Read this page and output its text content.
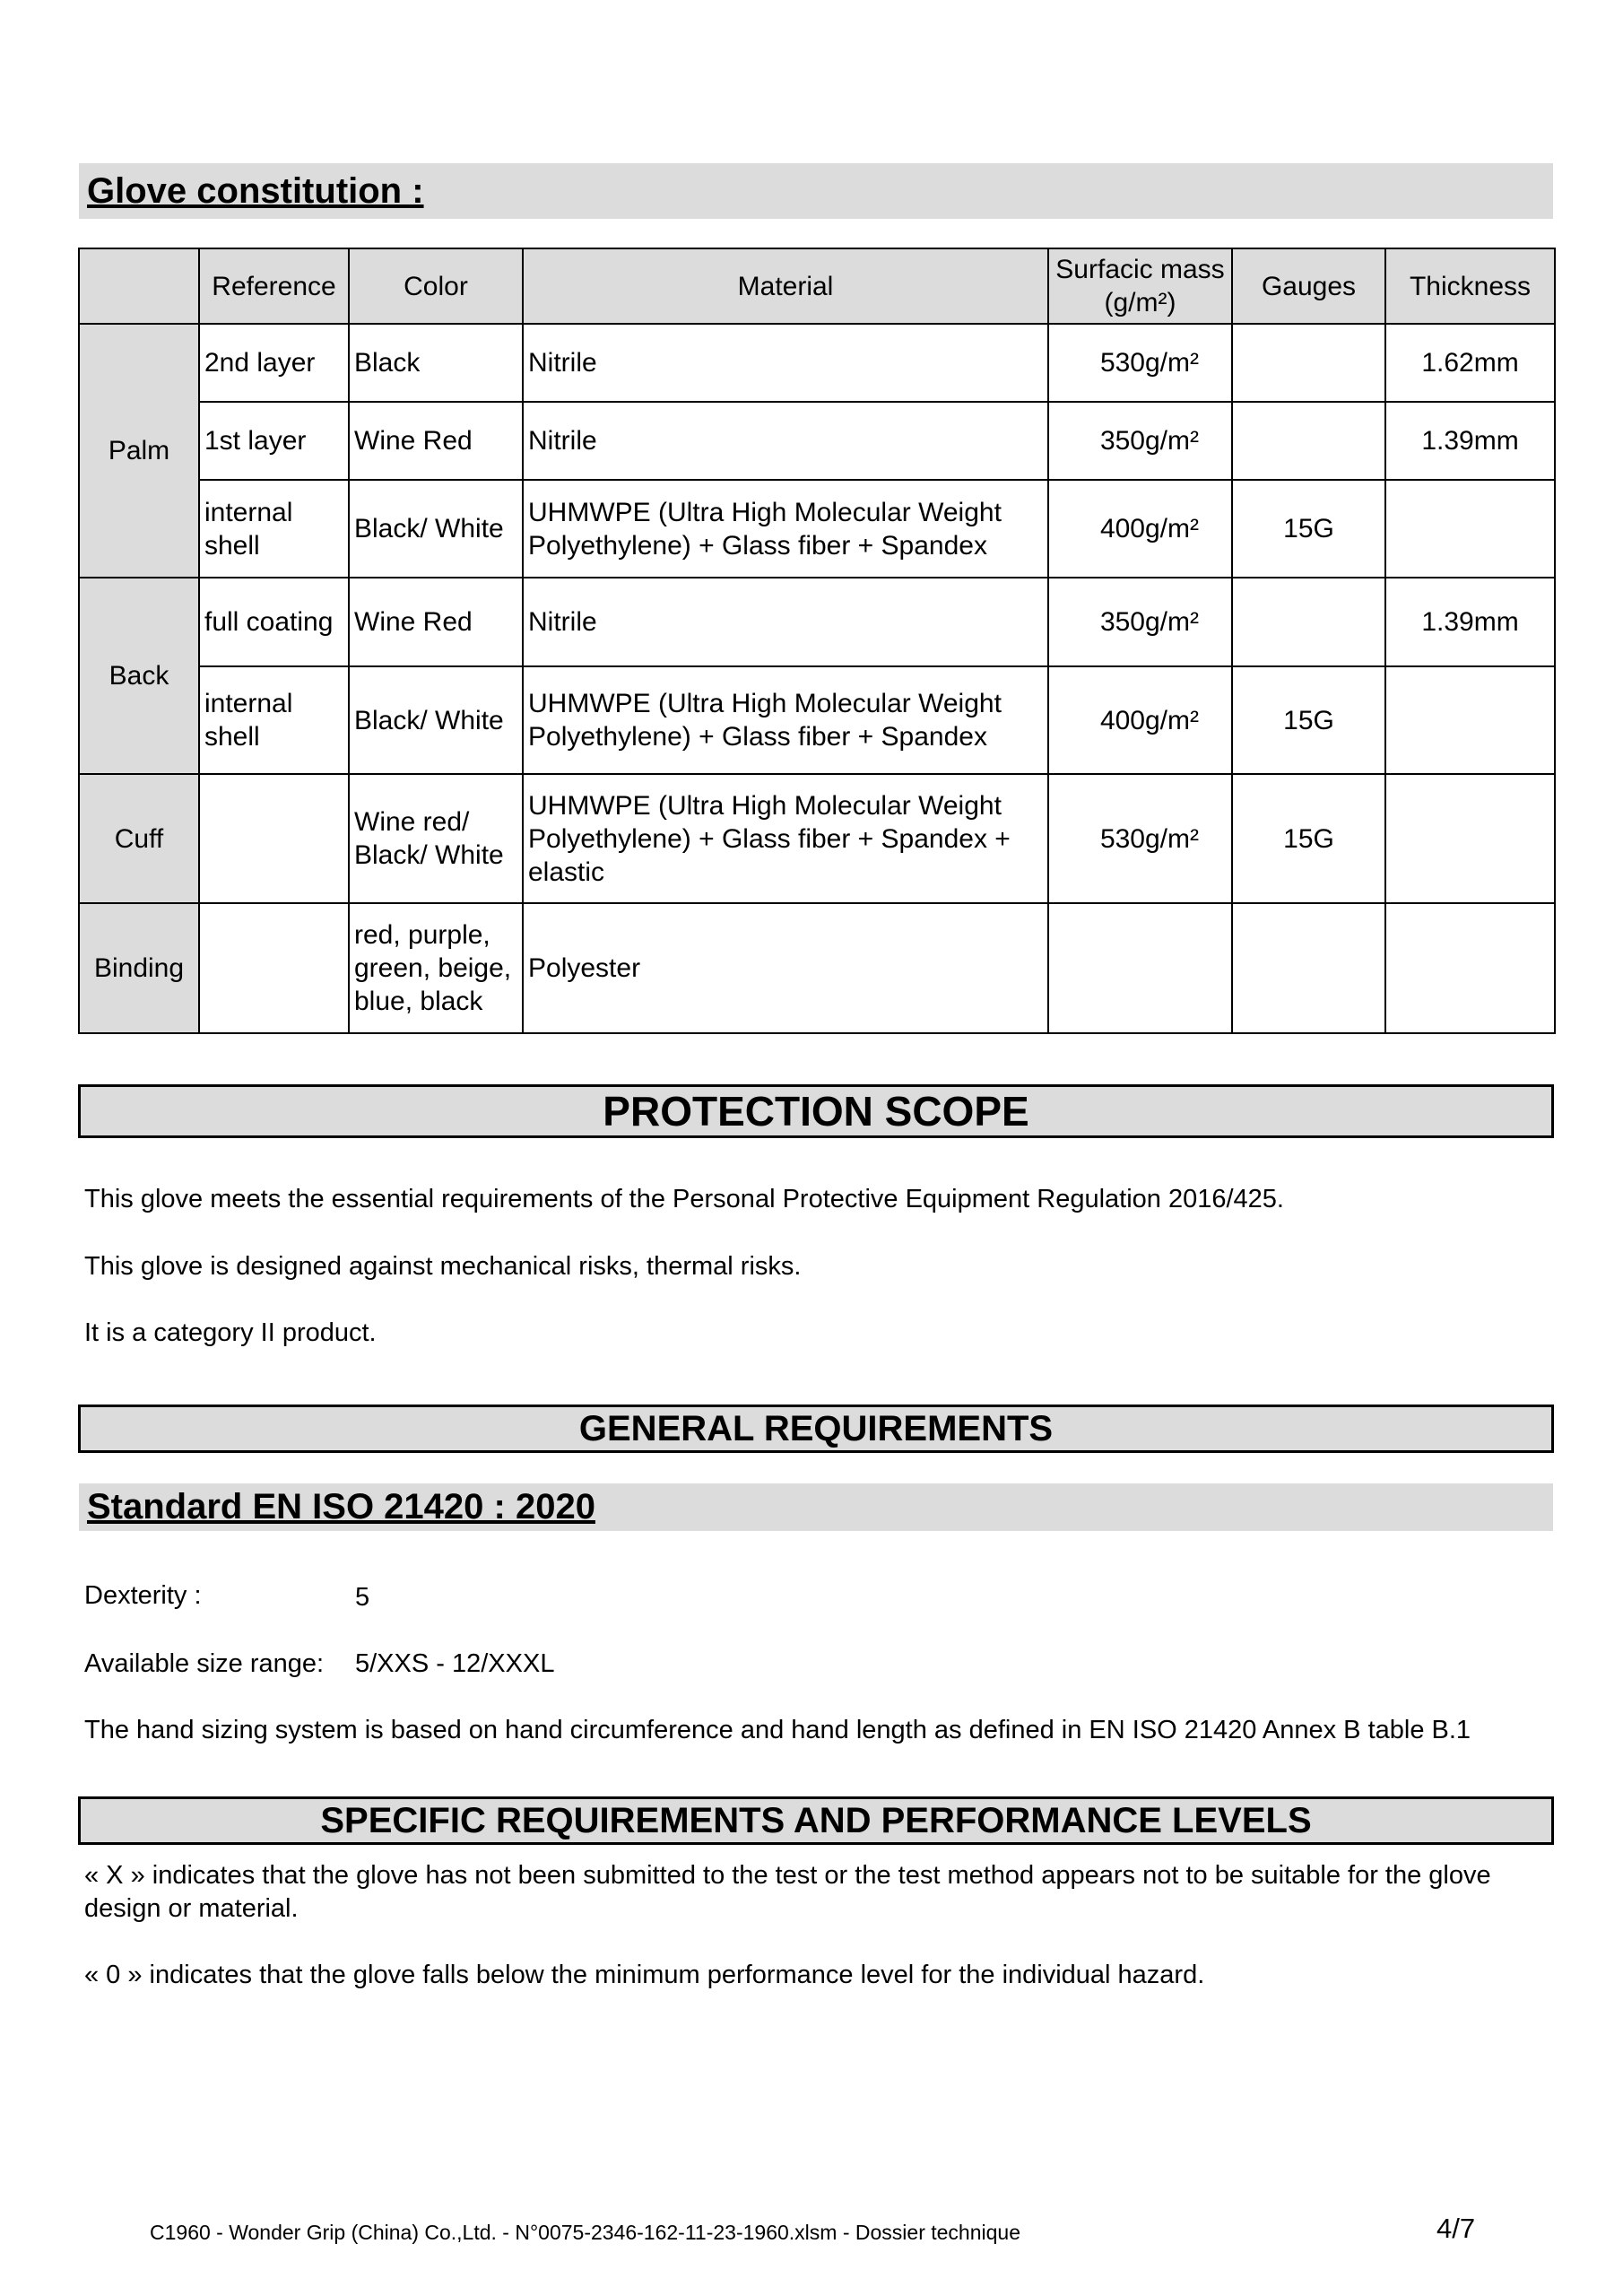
Glove constitution :
	Reference	Color	Material	Surfacic mass (g/m²)	Gauges	Thickness
Palm	2nd layer	Black	Nitrile	530g/m²		1.62mm
	1st layer	Wine Red	Nitrile	350g/m²		1.39mm
	internal shell	Black/ White	UHMWPE (Ultra High Molecular Weight Polyethylene) + Glass fiber + Spandex	400g/m²	15G	
Back	full coating	Wine Red	Nitrile	350g/m²		1.39mm
	internal shell	Black/ White	UHMWPE (Ultra High Molecular Weight Polyethylene) + Glass fiber + Spandex	400g/m²	15G	
Cuff		Wine red/ Black/ White	UHMWPE (Ultra High Molecular Weight Polyethylene) + Glass fiber + Spandex + elastic	530g/m²	15G	
Binding		red, purple, green, beige, blue, black	Polyester			
PROTECTION SCOPE
This glove meets the essential requirements of the Personal Protective Equipment Regulation 2016/425.
This glove is designed against mechanical risks, thermal risks.
It is a category II product.
GENERAL REQUIREMENTS
Standard EN ISO 21420 : 2020
Dexterity :	5
Available size range: 5/XXS - 12/XXXL
The hand sizing system is based on hand circumference and hand length as defined in EN ISO 21420 Annex B table B.1
SPECIFIC REQUIREMENTS AND PERFORMANCE LEVELS
« X » indicates that the glove has not been submitted to the test or the test method appears not to be suitable for the glove design or material.
« 0 » indicates that the glove falls below the minimum performance level for the individual hazard.
C1960 - Wonder Grip (China) Co.,Ltd. - N°0075-2346-162-11-23-1960.xlsm - Dossier technique	4/7
